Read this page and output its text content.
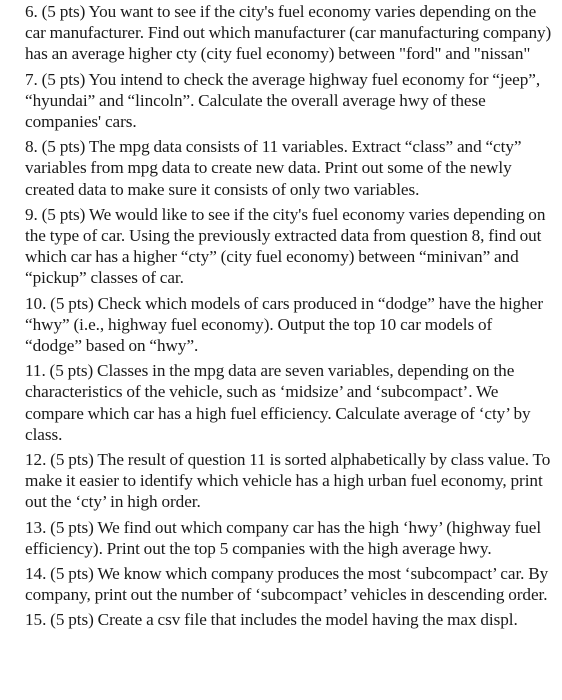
6. (5 pts) You want to see if the city's fuel economy varies depending on the car manufacturer. Find out which manufacturer (car manufacturing company) has an average higher cty (city fuel economy) between "ford" and "nissan"

7. (5 pts) You intend to check the average highway fuel economy for “jeep”, “hyundai” and “lincoln”. Calculate the overall average hwy of these companies' cars.

8. (5 pts) The mpg data consists of 11 variables. Extract “class” and “cty” variables from mpg data to create new data. Print out some of the newly created data to make sure it consists of only two variables.

9. (5 pts) We would like to see if the city's fuel economy varies depending on the type of car. Using the previously extracted data from question 8, find out which car has a higher “cty” (city fuel economy) between “minivan” and “pickup” classes of car.

10. (5 pts) Check which models of cars produced in “dodge” have the higher “hwy” (i.e., highway fuel economy). Output the top 10 car models of “dodge” based on “hwy”.

11. (5 pts) Classes in the mpg data are seven variables, depending on the characteristics of the vehicle, such as ‘midsize’ and ‘subcompact’. We compare which car has a high fuel efficiency. Calculate average of ‘cty’ by class.

12. (5 pts) The result of question 11 is sorted alphabetically by class value. To make it easier to identify which vehicle has a high urban fuel economy, print out the ‘cty’ in high order.

13. (5 pts) We find out which company car has the high ‘hwy’ (highway fuel efficiency). Print out the top 5 companies with the high average hwy.

14. (5 pts) We know which company produces the most ‘subcompact’ car. By company, print out the number of ‘subcompact’ vehicles in descending order.

15. (5 pts) Create a csv file that includes the model having the max displ.
